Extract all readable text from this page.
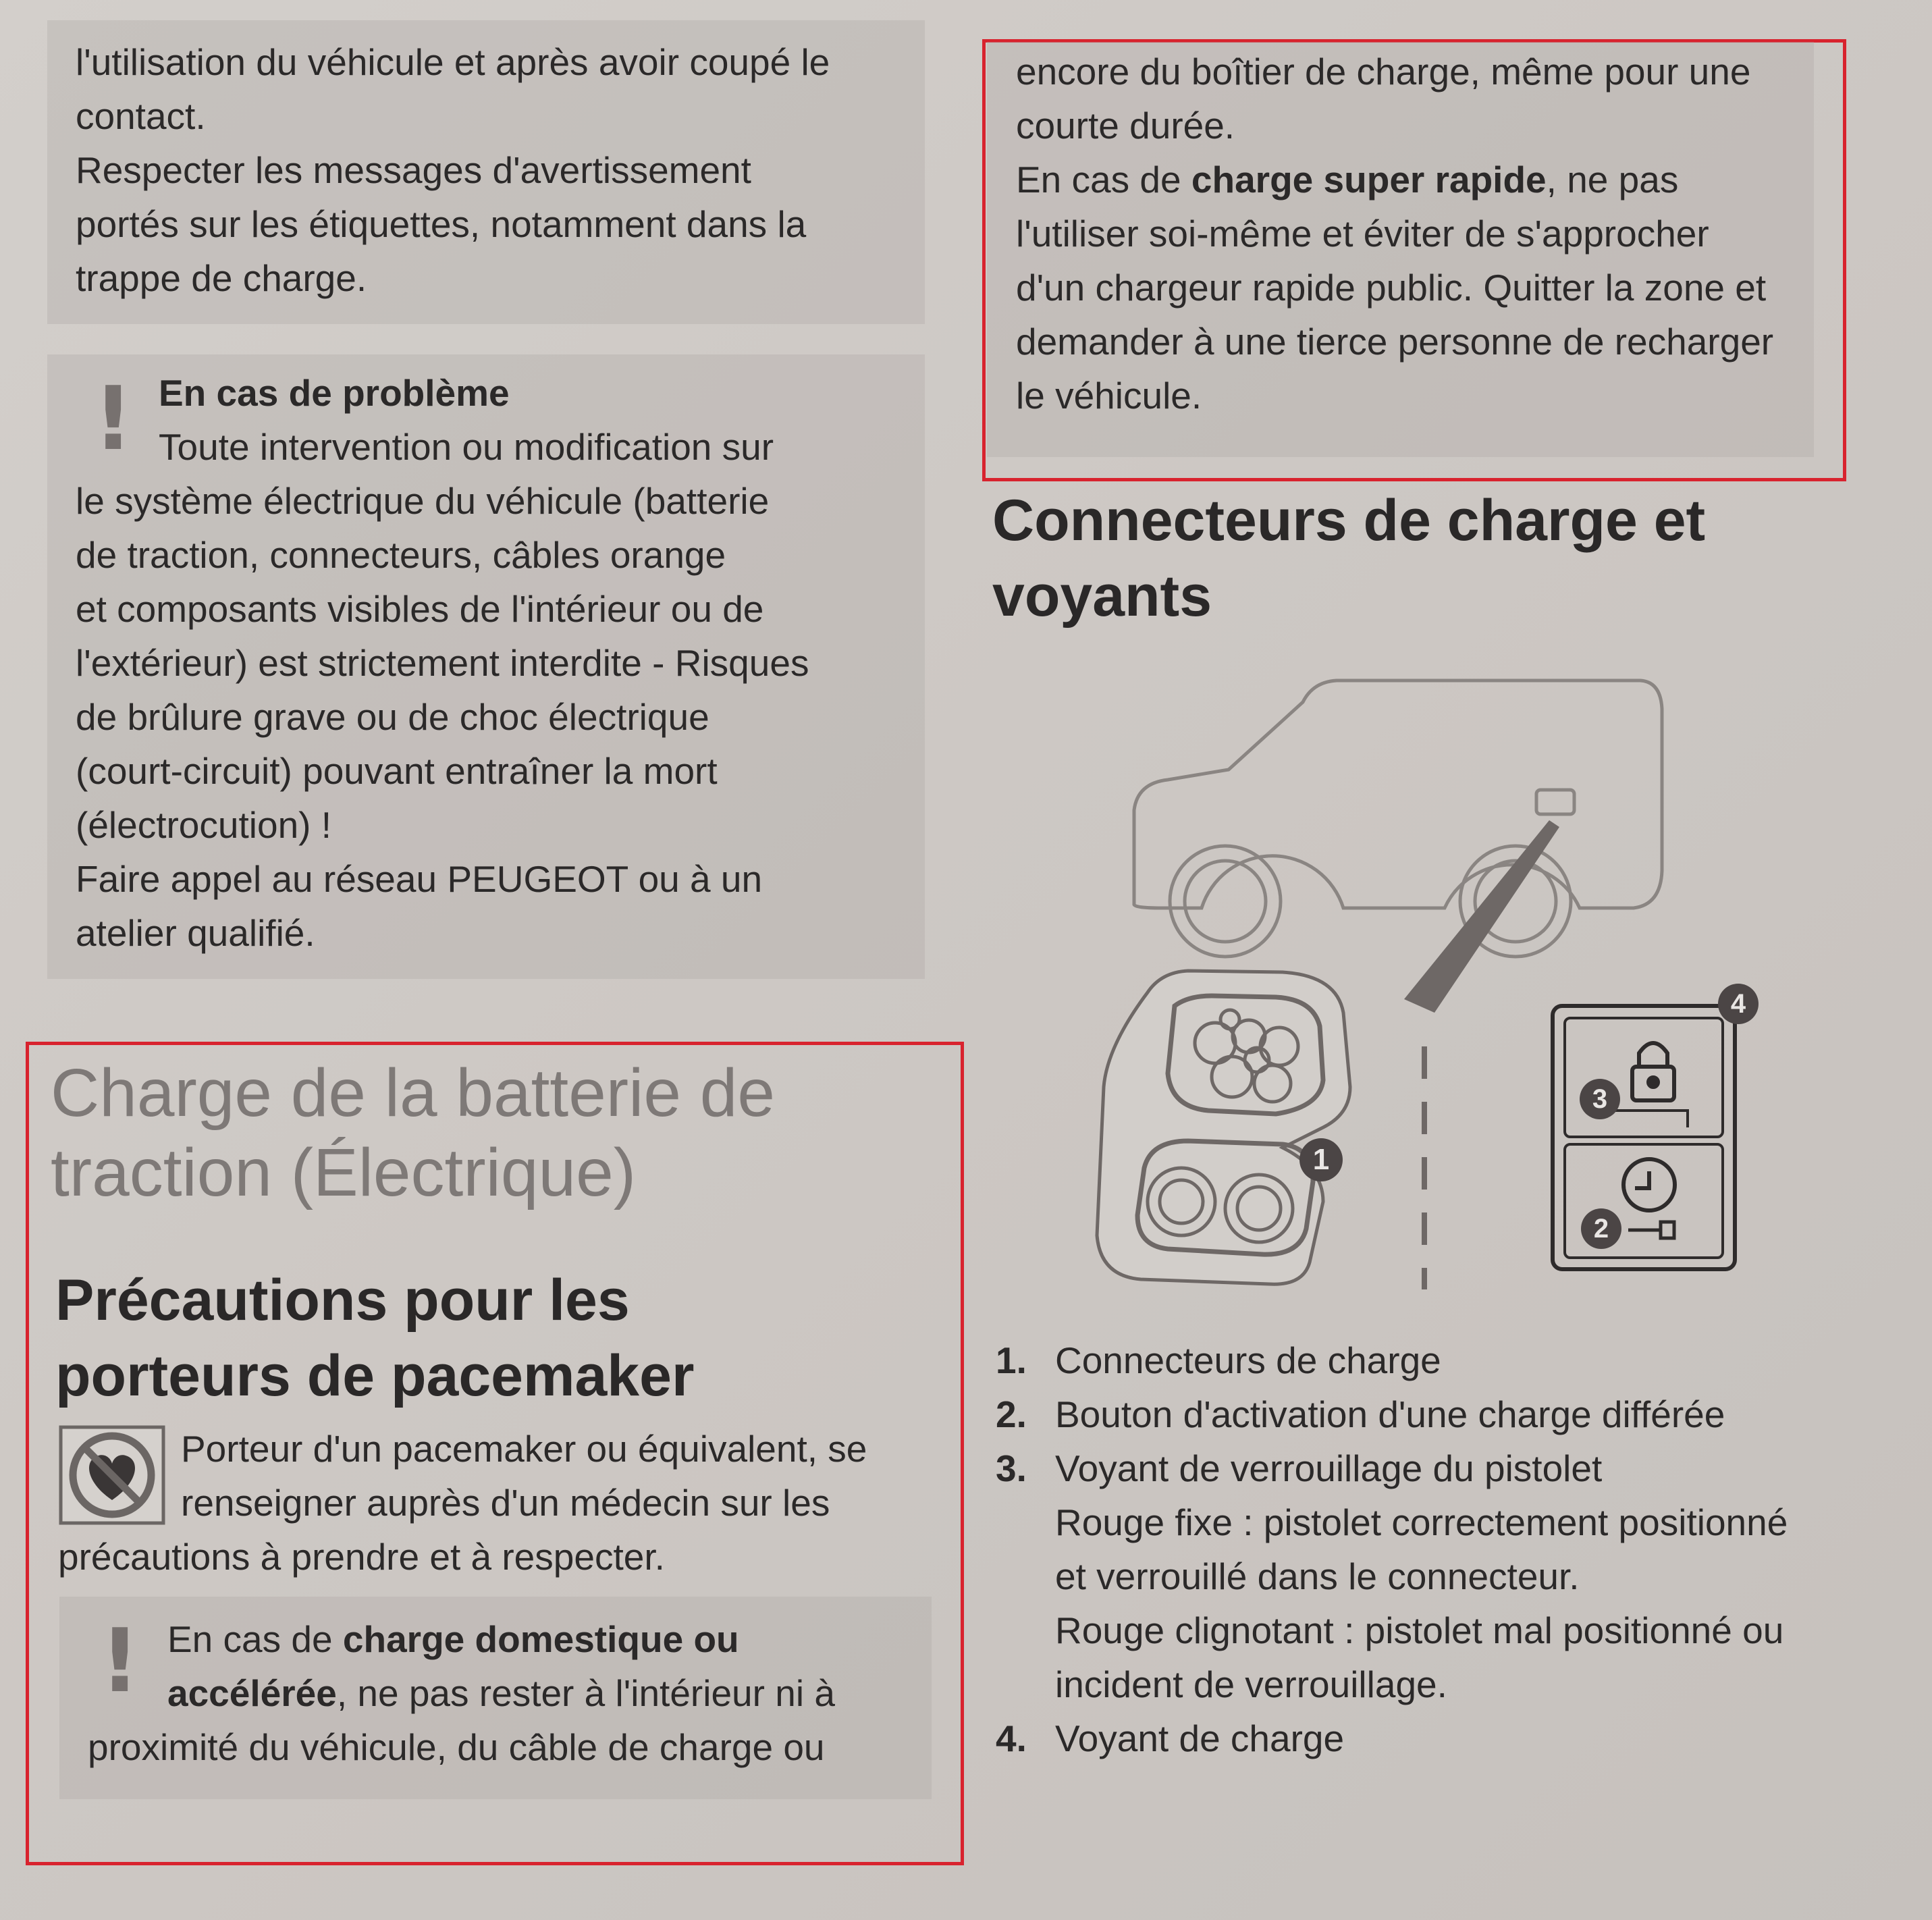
l'utilisation du véhicule et après avoir coupé le

contact.

Respecter les messages d'avertissement

portés sur les étiquettes, notamment dans la

trappe de charge.

! En cas de problème

Toute intervention ou modification sur

le système électrique du véhicule (batterie

de traction, connecteurs, câbles orange

et composants visibles de l'intérieur ou de

l'extérieur) est strictement interdite - Risques

de brûlure grave ou de choc électrique

(court-circuit) pouvant entraîner la mort

(électrocution) !

Faire appel au réseau PEUGEOT ou à un

atelier qualifié.

Charge de la batterie de
traction (Électrique)
Précautions pour les
porteurs de pacemaker

Porteur d'un pacemaker ou équivalent, se

renseigner auprès d'un médecin sur les

précautions à prendre et à respecter.

! En cas de charge domestique ou

accélérée, ne pas rester à l'intérieur ni à

proximité du véhicule, du câble de charge ou

encore du boîtier de charge, même pour une

courte durée.

En cas de charge super rapide, ne pas

l'utiliser soi-même et éviter de s'approcher

d'un chargeur rapide public. Quitter la zone et

demander à une tierce personne de recharger

le véhicule.

Connecteurs de charge et
voyants
1
2
3
4
1. Connecteurs de charge
2. Bouton d'activation d'une charge différée
3. Voyant de verrouillage du pistolet
Rouge fixe : pistolet correctement positionné
et verrouillé dans le connecteur.
Rouge clignotant : pistolet mal positionné ou
incident de verrouillage.
4. Voyant de charge
